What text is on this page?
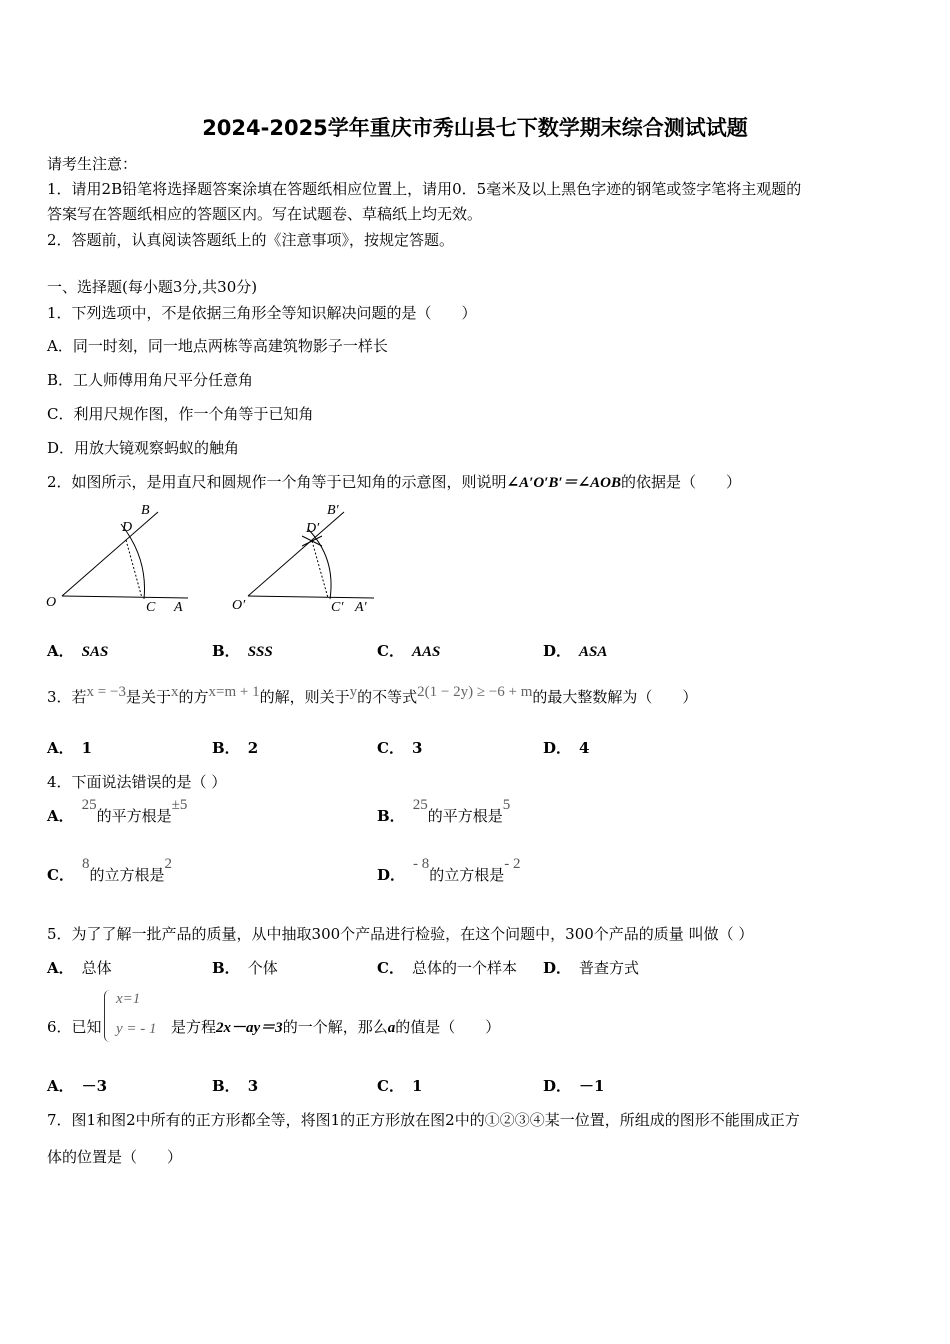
2024-2025学年重庆市秀山县七下数学期末综合测试试题
请考生注意：
1．请用2B铅笔将选择题答案涂填在答题纸相应位置上，请用0．5毫米及以上黑色字迹的钢笔或签字笔将主观题的
答案写在答题纸相应的答题区内。写在试题卷、草稿纸上均无效。
2．答题前，认真阅读答题纸上的《注意事项》，按规定答题。
一、选择题(每小题3分,共30分)
1．下列选项中，不是依据三角形全等知识解决问题的是（　　）
A．同一时刻，同一地点两栋等高建筑物影子一样长
B．工人师傅用角尺平分任意角
C．利用尺规作图，作一个角等于已知角
D．用放大镜观察蚂蚁的触角
2．如图所示，是用直尺和圆规作一个角等于已知角的示意图，则说明∠A′O′B′＝∠AOB的依据是（　　）
B
D
O	C A
B′
D′
O′	C′ A′
A． SAS	B． SSS	C． AAS	D． ASA
3．若x = −3是关于x的方x=m + 1的解，则关于y的不等式2(1 − 2y) ≥ −6 + m的最大整数解为（　　）
A． 1	B． 2	C． 3	D． 4
4．下面说法错误的是（ ）
A．25的平方根是±5
B．25的平方根是5
C．8的立方根是2
D．- 8的立方根是- 2
5．为了了解一批产品的质量，从中抽取300个产品进行检验，在这个问题中，300个产品的质量 叫做（ ）
A． 总体	B． 个体	C． 总体的一个样本 D． 普查方式
6．已知
x=1
y = - 1 是方程2x－ay＝3的一个解，那么a的值是（　　）
A． －3	B． 3	C． 1	D． －1
7．图1和图2中所有的正方形都全等，将图1的正方形放在图2中的①②③④某一位置，所组成的图形不能围成正方
体的位置是（　　）
